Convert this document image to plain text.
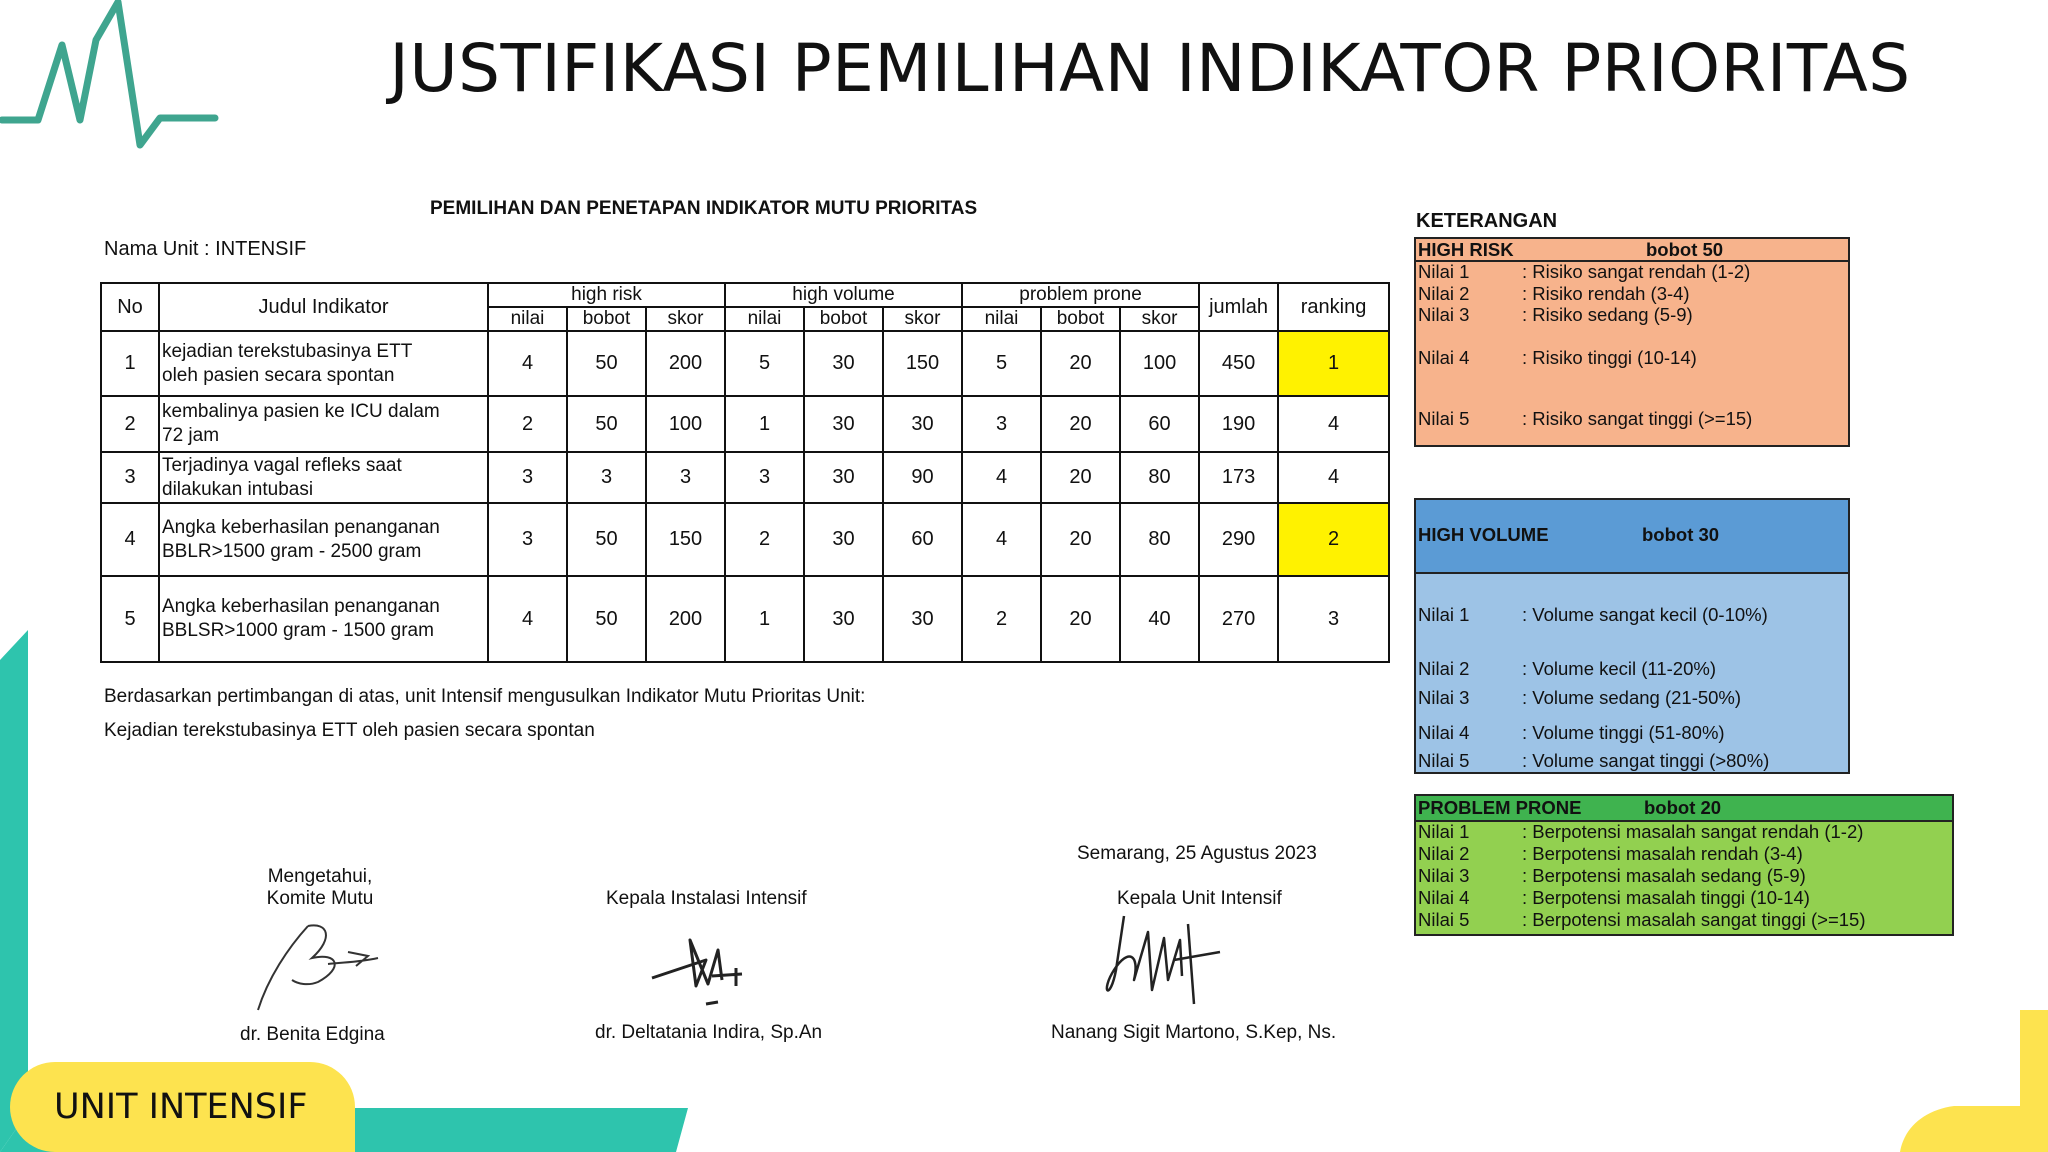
JUSTIFIKASI PEMILIHAN INDIKATOR PRIORITAS
UNIT INTENSIF
PEMILIHAN DAN PENETAPAN INDIKATOR MUTU PRIORITAS
Nama Unit : INTENSIF
No	Judul Indikator	high risk			high volume			problem prone			jumlah	ranking
		nilai	bobot	skor	nilai	bobot	skor	nilai	bobot	skor		
1	kejadian terekstubasinya ETT
oleh pasien secara spontan	4	50	200	5	30	150	5	20	100	450	1
2	kembalinya pasien ke ICU dalam
72 jam	2	50	100	1	30	30	3	20	60	190	4
3	Terjadinya vagal refleks saat
dilakukan intubasi	3	3	3	3	30	90	4	20	80	173	4
4	Angka keberhasilan penanganan
BBLR>1500 gram - 2500 gram	3	50	150	2	30	60	4	20	80	290	2
5	Angka keberhasilan penanganan
BBLSR>1000 gram - 1500 gram	4	50	200	1	30	30	2	20	40	270	3
Berdasarkan pertimbangan di atas, unit Intensif mengusulkan Indikator Mutu Prioritas Unit:
Kejadian terekstubasinya ETT oleh pasien secara spontan
Semarang, 25 Agustus 2023
Mengetahui,
Komite Mutu	Kepala Instalasi Intensif	Kepala Unit Intensif
dr. Benita Edgina	dr. Deltatania Indira, Sp.An	Nanang Sigit Martono, S.Kep, Ns.
KETERANGAN
HIGH RISK	bobot 50
Nilai 1	: Risiko sangat rendah (1-2)
Nilai 2	: Risiko rendah (3-4)
Nilai 3	: Risiko sedang (5-9)
Nilai 4	: Risiko tinggi (10-14)
Nilai 5	: Risiko sangat tinggi (>=15)
HIGH VOLUME	bobot 30
Nilai 1	: Volume sangat kecil (0-10%)
Nilai 2	: Volume kecil (11-20%)
Nilai 3	: Volume sedang (21-50%)
Nilai 4	: Volume tinggi (51-80%)
Nilai 5	: Volume sangat tinggi (>80%)
PROBLEM PRONE	bobot 20
Nilai 1	: Berpotensi masalah sangat rendah (1-2)
Nilai 2	: Berpotensi masalah rendah (3-4)
Nilai 3	: Berpotensi masalah sedang (5-9)
Nilai 4	: Berpotensi masalah tinggi (10-14)
Nilai 5	: Berpotensi masalah sangat tinggi (>=15)
